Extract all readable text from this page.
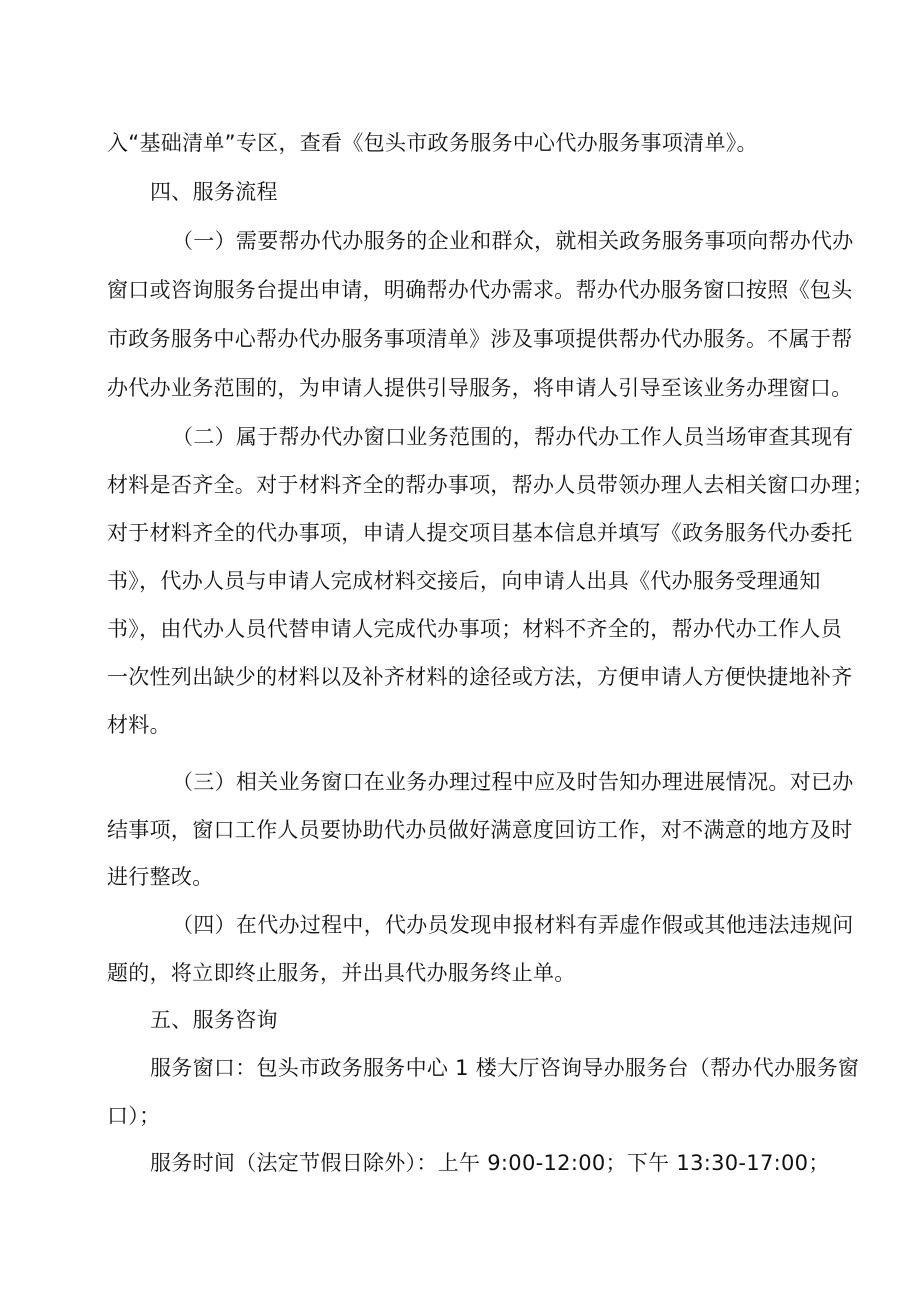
入“基础清单”专区，查看《包头市政务服务中心代办服务事项清单》。
四、服务流程
（一）需要帮办代办服务的企业和群众，就相关政务服务事项向帮办代办
窗口或咨询服务台提出申请，明确帮办代办需求。帮办代办服务窗口按照《包头
市政务服务中心帮办代办服务事项清单》涉及事项提供帮办代办服务。不属于帮
办代办业务范围的，为申请人提供引导服务，将申请人引导至该业务办理窗口。
（二）属于帮办代办窗口业务范围的，帮办代办工作人员当场审查其现有
材料是否齐全。对于材料齐全的帮办事项，帮办人员带领办理人去相关窗口办理；
对于材料齐全的代办事项，申请人提交项目基本信息并填写《政务服务代办委托
书》，代办人员与申请人完成材料交接后，向申请人出具《代办服务受理通知
书》，由代办人员代替申请人完成代办事项；材料不齐全的，帮办代办工作人员
一次性列出缺少的材料以及补齐材料的途径或方法，方便申请人方便快捷地补齐
材料。
（三）相关业务窗口在业务办理过程中应及时告知办理进展情况。对已办
结事项，窗口工作人员要协助代办员做好满意度回访工作，对不满意的地方及时
进行整改。
（四）在代办过程中，代办员发现申报材料有弄虚作假或其他违法违规问
题的，将立即终止服务，并出具代办服务终止单。
五、服务咨询
服务窗口：包头市政务服务中心 1 楼大厅咨询导办服务台（帮办代办服务窗
口）；
服务时间（法定节假日除外）：上午 9:00-12:00；下午 13:30-17:00；
